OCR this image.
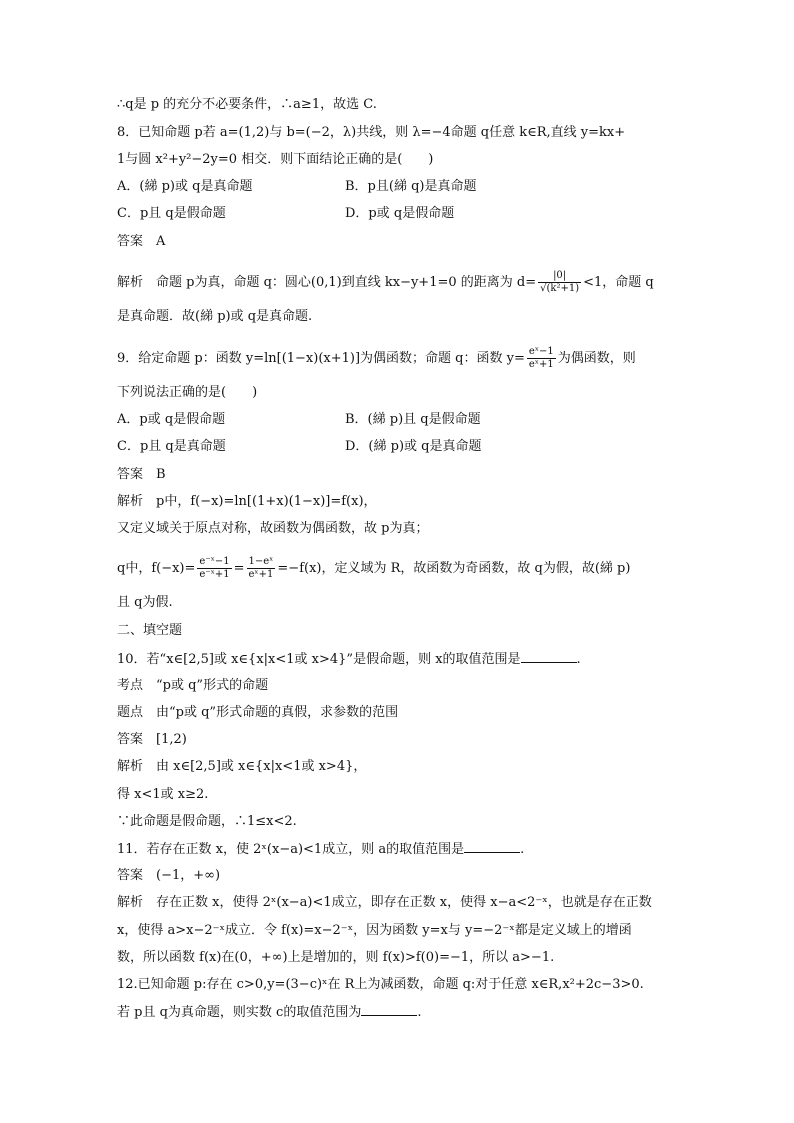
∴q是 p 的充分不必要条件，∴a≥1，故选 C.
8．已知命题 p若 a=(1,2)与 b=(−2，λ)共线，则 λ=−4命题 q任意 k∈R,直线 y=kx+
1与圆 x²+y²−2y=0 相交．则下面结论正确的是(　　)
A．(綈 p)或 q是真命题	B．p且(綈 q)是真命题
C．p且 q是假命题	D．p或 q是假命题
答案　A
解析　命题 p为真，命题 q：圆心(0,1)到直线 kx−y+1=0 的距离为 $d= \frac{|0|}{\text{√(k²+1)}} <1$，命题 q
是真命题．故(綈 p)或 q是真命题.
9．给定命题 p：函数 y=ln[(1−x)(x+1)]为偶函数；命题 q：函数 $y= \frac{\text{eˣ−1}}{\text{eˣ+1}}$ 为偶函数，则
下列说法正确的是(　　)
A．p或 q是假命题	B．(綈 p)且 q是假命题
C．p且 q是真命题	D．(綈 p)或 q是真命题
答案　B
解析　p中，f(−x)=ln[(1+x)(1−x)]=f(x)，
又定义域关于原点对称，故函数为偶函数，故 p为真；
q中，$f(-x)= \frac{\text{e⁻ˣ−1}}{\text{e⁻ˣ+1}} = \frac{\text{1−eˣ}}{\text{eˣ+1}} =-f(x)$，定义域为 R，故函数为奇函数，故 q为假，故(綈 p)
且 q为假.
二、填空题
10．若“x∈[2,5]或 x∈{x|x<1或 x>4}”是假命题，则 x的取值范围是	.
考点　“p或 q”形式的命题
题点　由“p或 q”形式命题的真假，求参数的范围
答案　[1,2)
解析　由 x∈[2,5]或 x∈{x|x<1或 x>4}，
得 x<1或 x≥2.
∵此命题是假命题，∴1≤x<2.
11．若存在正数 x，使 2ˣ(x−a)<1成立，则 a的取值范围是	.
答案　(−1，+∞)
解析　存在正数 x，使得 2ˣ(x−a)<1成立，即存在正数 x，使得 x−a<2⁻ˣ，也就是存在正数
x，使得 a>x−2⁻ˣ成立．令 f(x)=x−2⁻ˣ，因为函数 y=x与 y=−2⁻ˣ都是定义域上的增函
数，所以函数 f(x)在(0，+∞)上是增加的，则 f(x)>f(0)=−1，所以 a>−1.
12.已知命题 p:存在 c>0,y=(3−c)ˣ在 R上为减函数，命题 q:对于任意 x∈R,x²+2c−3>0.
若 p且 q为真命题，则实数 c的取值范围为	.
